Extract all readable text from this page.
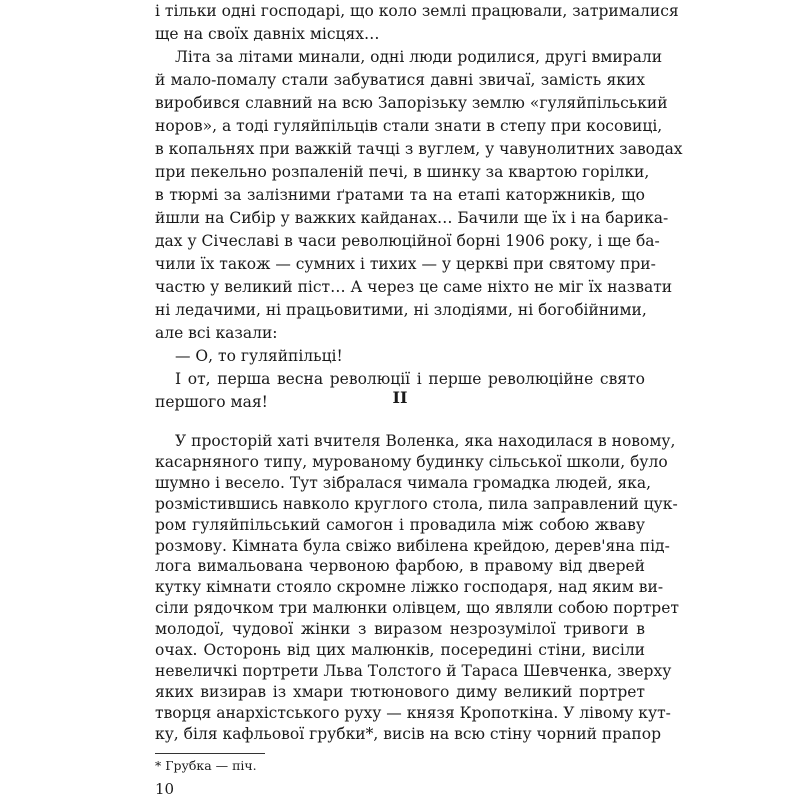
і тільки одні господарі, що коло землі працювали, затрималися
ще на своїх давніх місцях…
Літа за літами минали, одні люди родилися, другі вмирали
й мало-помалу стали забуватися давні звичаї, замість яких
виробився славний на всю Запорізьку землю «гуляйпільський
норов», а тоді гуляйпільців стали знати в степу при косовиці,
в копальнях при важкій тачці з вуглем, у чавунолитних заводах
при пекельно розпаленій печі, в шинку за квартою горілки,
в тюрмі за залізними ґратами та на етапі каторжників, що
йшли на Сибір у важких кайданах… Бачили ще їх і на барика-
дах у Січеславі в часи революційної борні 1906 року, і ще ба-
чили їх також — сумних і тихих — у церкві при святому при-
частю у великий піст… А через це саме ніхто не міг їх назвати
ні ледачими, ні працьовитими, ні злодіями, ні богобійними,
але всі казали:
— О, то гуляйпільці!
І от, перша весна революції і перше революційне свято
першого мая!	II
У просторій хаті вчителя Воленка, яка находилася в новому,
касарняного типу, мурованому будинку сільської школи, було
шумно і весело. Тут зібралася чимала громадка людей, яка,
розмістившись навколо круглого стола, пила заправлений цук-
ром гуляйпільський самогон і провадила між собою жваву
розмову. Кімната була свіжо вибілена крейдою, дерев'яна під-
лога вимальована червоною фарбою, в правому від дверей
кутку кімнати стояло скромне ліжко господаря, над яким ви-
сіли рядочком три малюнки олівцем, що являли собою портрет
молодої, чудової жінки з виразом незрозумілої тривоги в
очах. Осторонь від цих малюнків, посередині стіни, висіли
невеличкі портрети Льва Толстого й Тараса Шевченка, зверху
яких визирав із хмари тютюнового диму великий портрет
творця анархістського руху — князя Кропоткіна. У лівому кут-
ку, біля кафльової грубки*, висів на всю стіну чорний прапор
* Грубка — піч.
10
